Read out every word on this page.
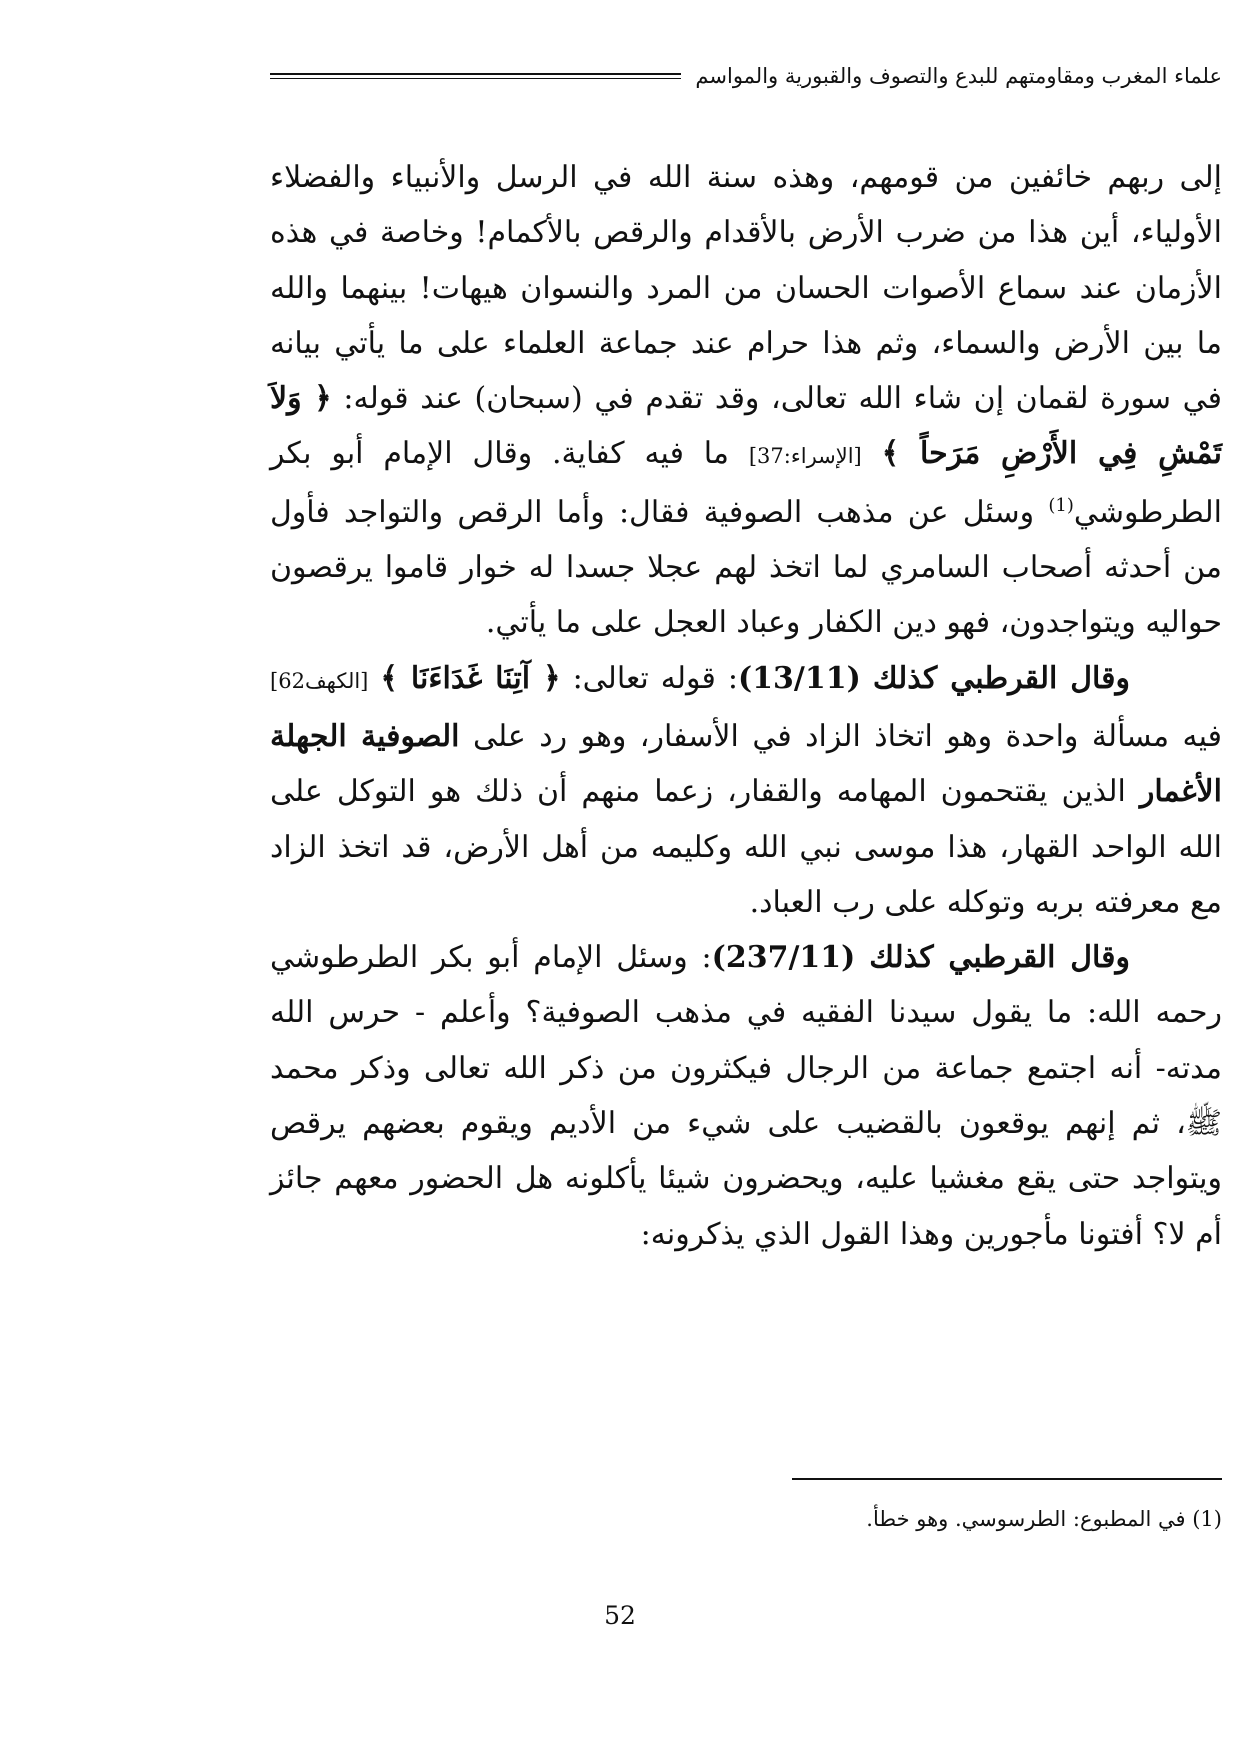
علماء المغرب ومقاومتهم للبدع والتصوف والقبورية والمواسم

إلى ربهم خائفين من قومهم، وهذه سنة الله في الرسل والأنبياء والفضلاء الأولياء، أين هذا من ضرب الأرض بالأقدام والرقص بالأكمام! وخاصة في هذه الأزمان عند سماع الأصوات الحسان من المرد والنسوان هيهات! بينهما والله ما بين الأرض والسماء، وثم هذا حرام عند جماعة العلماء على ما يأتي بيانه في سورة لقمان إن شاء الله تعالى، وقد تقدم في (سبحان) عند قوله: ﴿ وَلاَ تَمْشِ فِي الأَرْضِ مَرَحاً ﴾ [الإسراء:37] ما فيه كفاية. وقال الإمام أبو بكر الطرطوشي$^{(1)}$ وسئل عن مذهب الصوفية فقال: وأما الرقص والتواجد فأول من أحدثه أصحاب السامري لما اتخذ لهم عجلا جسدا له خوار قاموا يرقصون حواليه ويتواجدون، فهو دين الكفار وعباد العجل على ما يأتي.

وقال القرطبي كذلك (13/11): قوله تعالى: ﴿ آتِنَا غَدَاءَنَا ﴾ [الكهف62] فيه مسألة واحدة وهو اتخاذ الزاد في الأسفار، وهو رد على الصوفية الجهلة الأغمار الذين يقتحمون المهامه والقفار، زعما منهم أن ذلك هو التوكل على الله الواحد القهار، هذا موسى نبي الله وكليمه من أهل الأرض، قد اتخذ الزاد مع معرفته بربه وتوكله على رب العباد.

وقال القرطبي كذلك (237/11): وسئل الإمام أبو بكر الطرطوشي رحمه الله: ما يقول سيدنا الفقيه في مذهب الصوفية؟ وأعلم - حرس الله مدته- أنه اجتمع جماعة من الرجال فيكثرون من ذكر الله تعالى وذكر محمد ﷺ، ثم إنهم يوقعون بالقضيب على شيء من الأديم ويقوم بعضهم يرقص ويتواجد حتى يقع مغشيا عليه، ويحضرون شيئا يأكلونه هل الحضور معهم جائز أم لا؟ أفتونا مأجورين وهذا القول الذي يذكرونه:

(1) في المطبوع: الطرسوسي. وهو خطأ.
52
